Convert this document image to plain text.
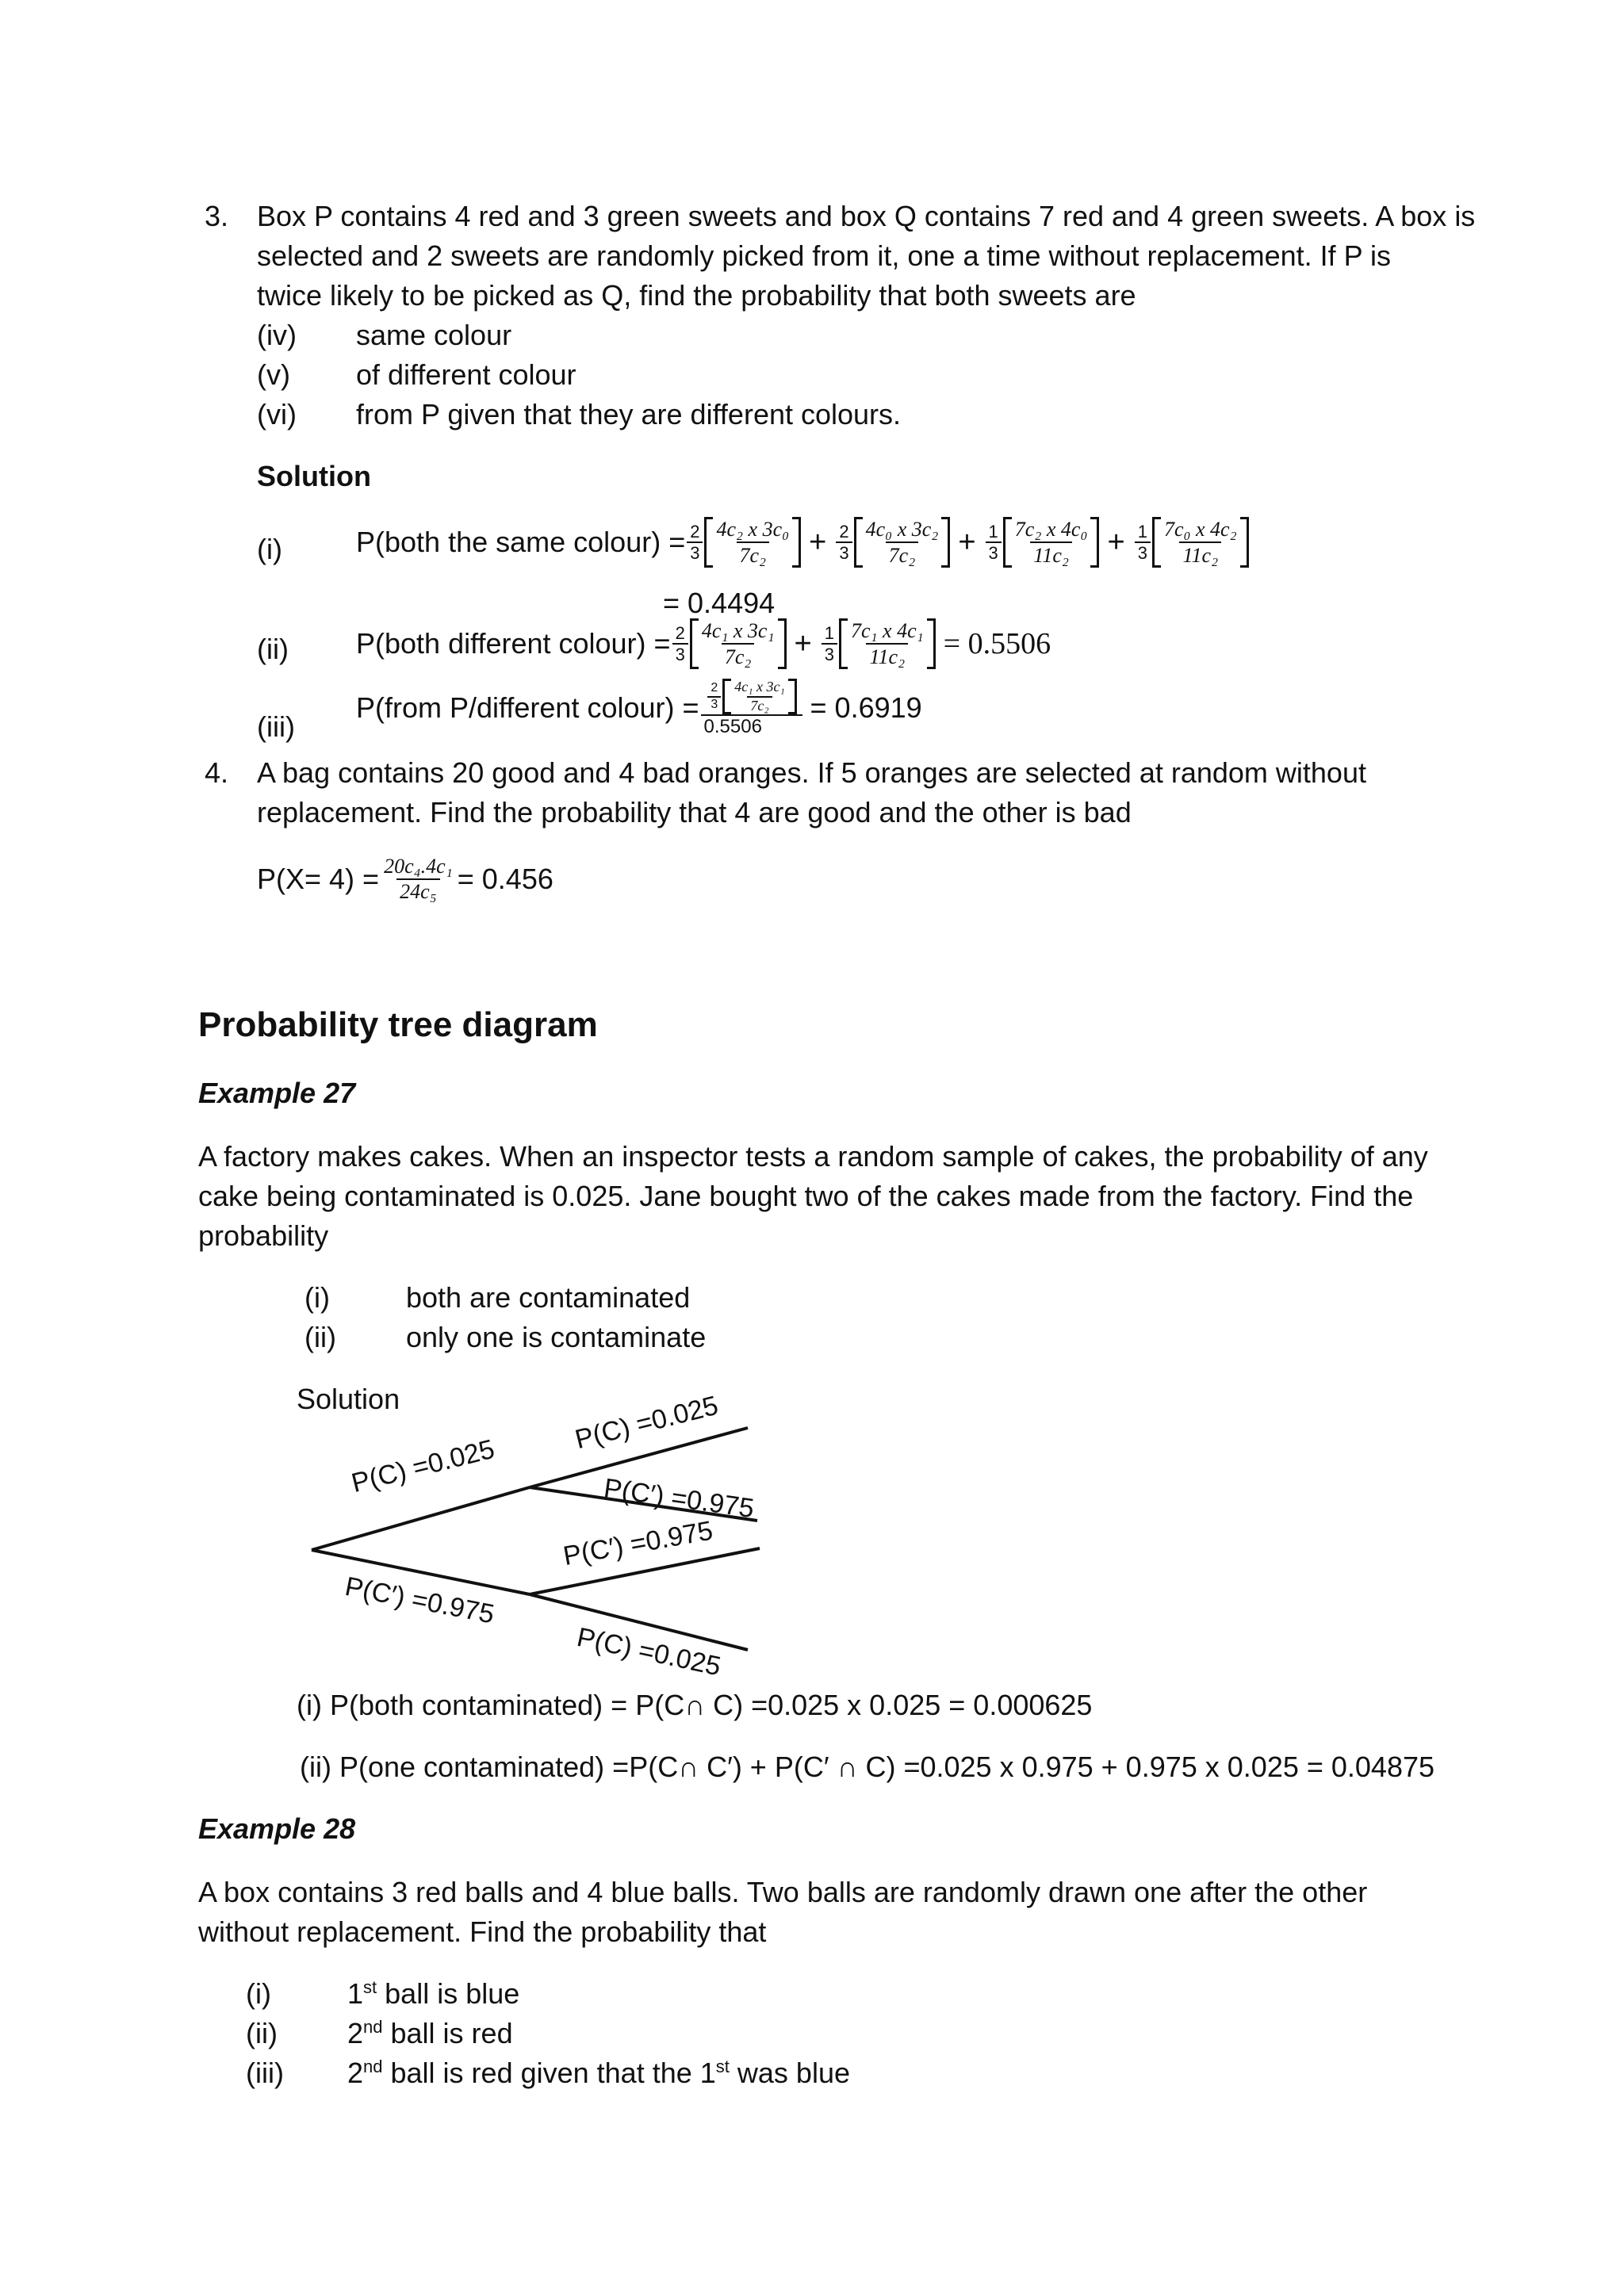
3. Box P contains 4 red and 3 green sweets and box Q contains 7 red and 4 green sweets. A box is
selected and 2 sweets are randomly picked from it, one a time without replacement. If P is
twice likely to be picked as Q, find the probability that both sweets are
(iv) same colour
(v) of different colour
(vi) from P given that they are different colours.
Solution
(i)	P(both the same colour) = $\frac{2}{3} \frac{\text{4c₂ x 3c₀}}{\text{7c₂}} + \frac{2}{3} \frac{\text{4c₀ x 3c₂}}{\text{7c₂}} + \frac{1}{3} \frac{\text{7c₂ x 4c₀}}{\text{11c₂}} + \frac{1}{3} \frac{\text{7c₀ x 4c₂}}{\text{11c₂}}$
= 0.4494
(ii) P(both different colour) = $\frac{2}{3} \frac{\text{4c₁ x 3c₁}}{\text{7c₂}} + \frac{1}{3} \frac{\text{7c₁ x 4c₁}}{\text{11c₂}} = 0.5506$
(iii)
P(from P/different colour) = $\frac{\frac{2}{3} \frac{\text{4c₁ x 3c₁}}{\text{7c₂}}}{0.5506} = 0.6919$
4. A bag contains 20 good and 4 bad oranges. If 5 oranges are selected at random without
replacement. Find the probability that 4 are good and the other is bad
$P(X= 4) = \frac{\text{20c₄.4c₁}}{\text{24c₅}} = 0.456$
Probability tree diagram
Example 27
A factory makes cakes. When an inspector tests a random sample of cakes, the probability of any
cake being contaminated is 0.025. Jane bought two of the cakes made from the factory. Find the
probability
(i)	both are contaminated
(ii) only one is contaminate
Solution
P(C) =0.025
P(C′) =0.975
P(C) =0.025
P(C′) =0.975
P(C′) =0.975
P(C) =0.025
(i) P(both contaminated) = P(C∩ C) =0.025 x 0.025 = 0.000625
(ii) P(one contaminated) =P(C∩ C′) + P(C′ ∩ C) =0.025 x 0.975 + 0.975 x 0.025 = 0.04875
Example 28
A box contains 3 red balls and 4 blue balls. Two balls are randomly drawn one after the other
without replacement. Find the probability that
(i)	1st ball is blue
(ii) 2nd ball is red
(iii) 2nd ball is red given that the 1st was blue
